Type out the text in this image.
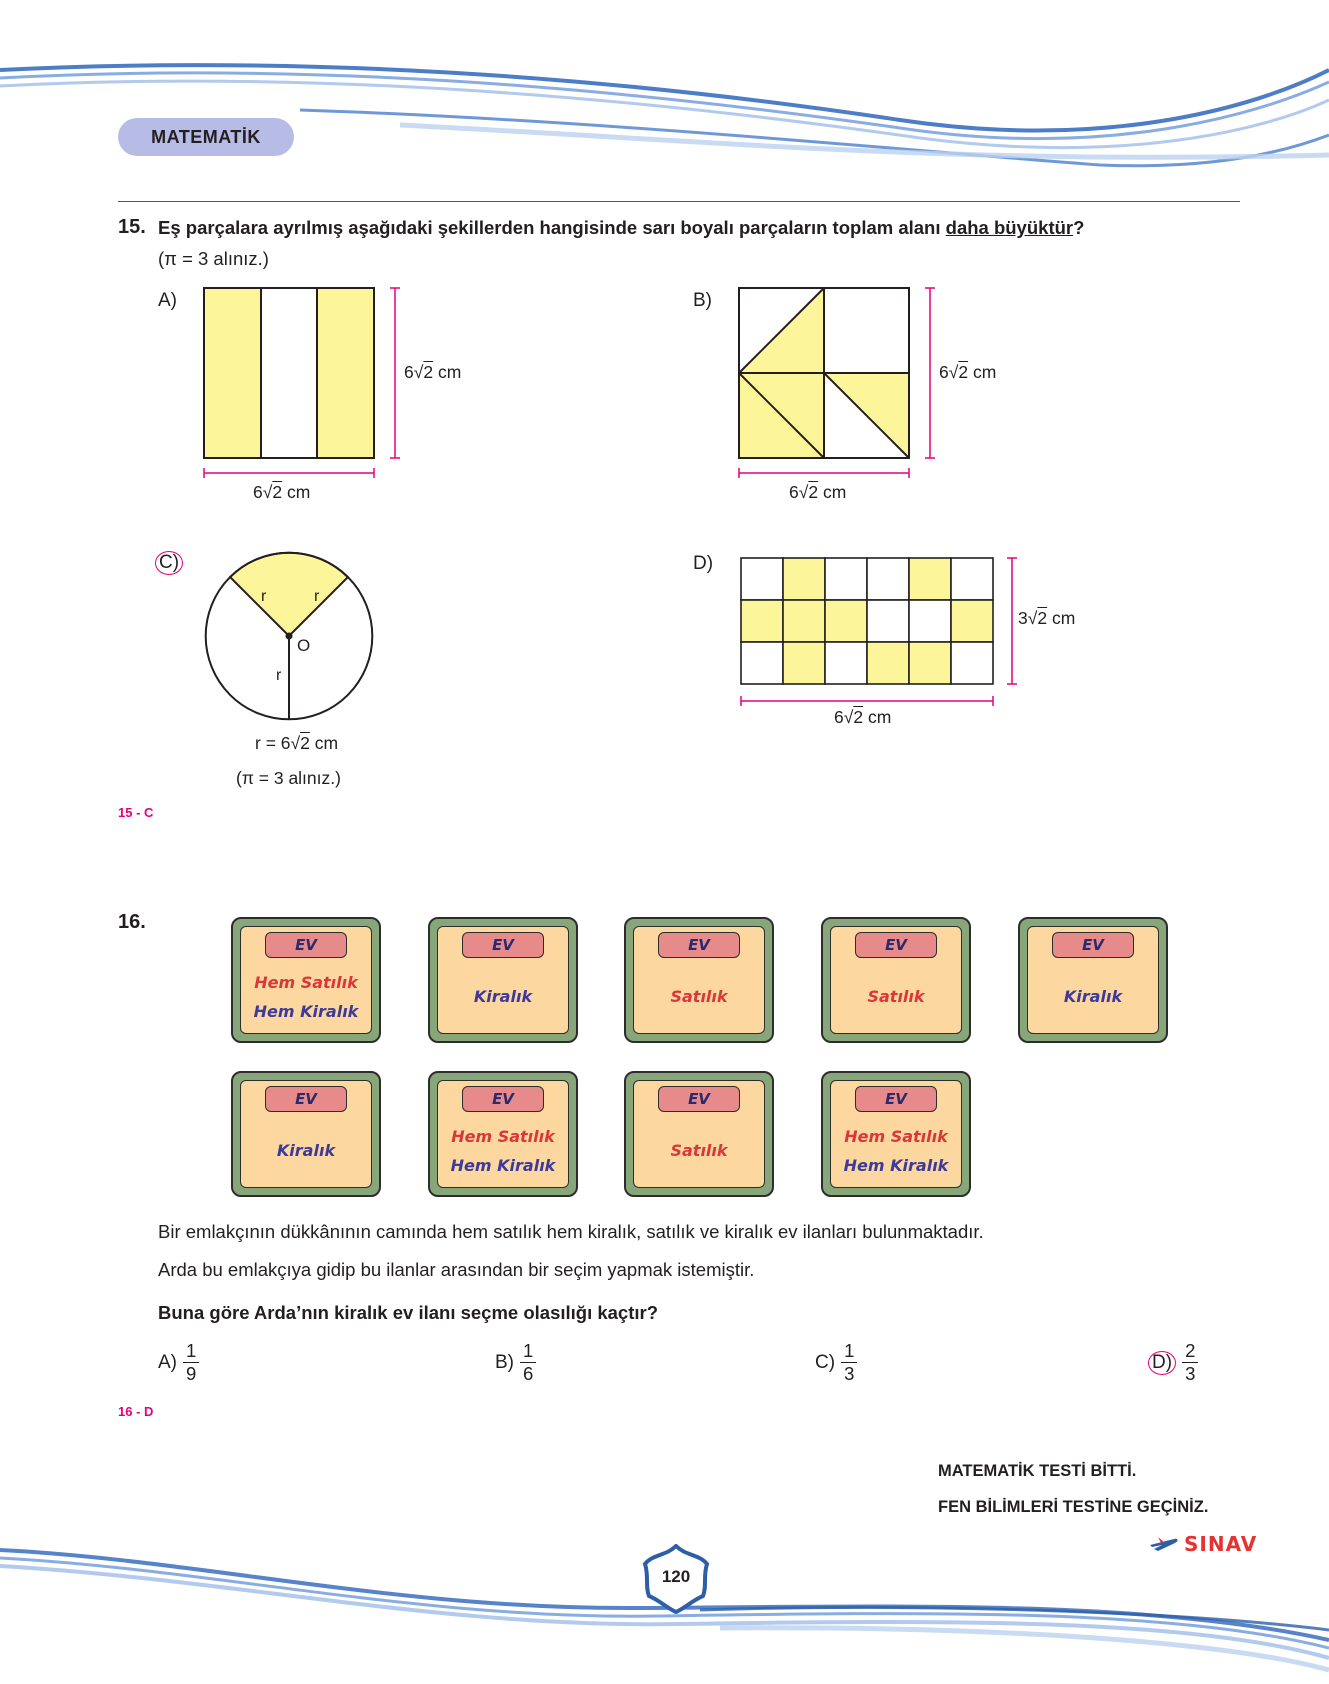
MATEMATİK
15. Eş parçalara ayrılmış aşağıdaki şekillerden hangisinde sarı boyalı parçaların toplam alanı daha büyüktür?
(π = 3 alınız.)
A)
6√2 cm
6√2 cm
B)
6√2 cm
6√2 cm
C)
r	r
r
O
r = 6√2 cm
(π = 3 alınız.)
D)
3√2 cm
6√2 cm
15 - C
16.
EV
Hem Satılık
Hem Kiralık
EV
Kiralık
EV
Satılık
EV
Satılık
EV
Kiralık
EV
Kiralık
EV
Hem Satılık
Hem Kiralık
EV
Satılık
EV
Hem Satılık
Hem Kiralık
Bir emlakçının dükkânının camında hem satılık hem kiralık, satılık ve kiralık ev ilanları bulunmaktadır.
Arda bu emlakçıya gidip bu ilanlar arasından bir seçim yapmak istemiştir.
Buna göre Arda’nın kiralık ev ilanı seçme olasılığı kaçtır?
$A) \frac{1}{9}$	$B) \frac{1}{6}$	$C) \frac{1}{3}$	$D) \frac{2}{3}$
16 - D
MATEMATİK TESTİ BİTTİ.
FEN BİLİMLERİ TESTİNE GEÇİNİZ.
SINAV
120
